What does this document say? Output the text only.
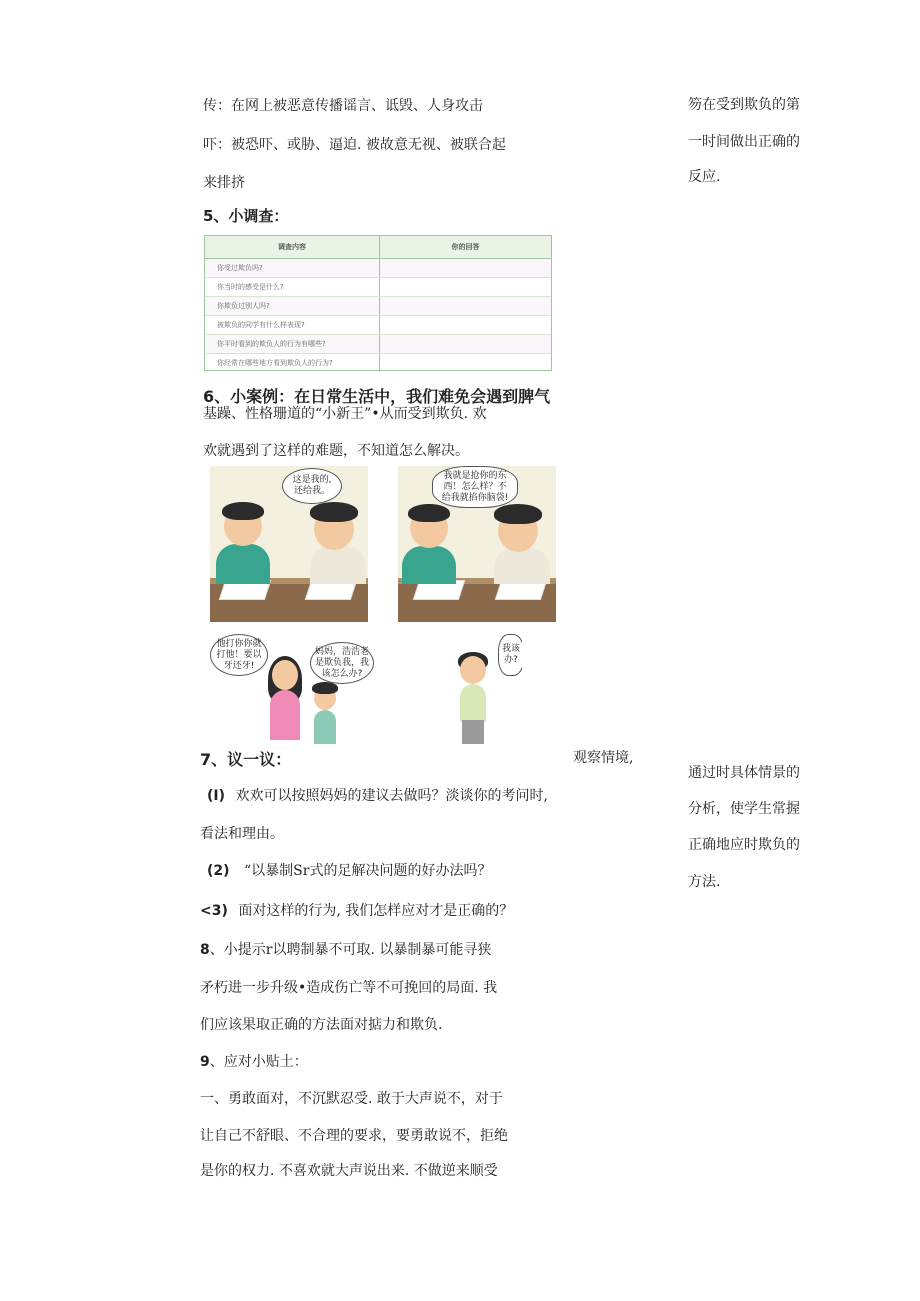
传：在网上被恶意传播谣言、诋毁、人身攻击
吓：被恐吓、或胁、逼迫. 被故意无视、被联合起
来排挤
5、小调查：
调查内容	你的回答
你受过欺负吗?
你当时的感受是什么?
你欺负过别人吗?
被欺负的同学有什么样表现?
你平时看到的欺负人的行为有哪些?
你经常在哪些地方看到欺负人的行为?
6、小案例：在日常生活中，我们难免会遇到脾气
基躁、性格珊道的“小新王”•从而受到欺负. 欢
欢就遇到了这样的难题，不知道怎么解决。
这是我的,
还给我。
我就是抢你的东
西！怎么样？不
给我就掐你脑袋!
他打你你就
打他！要以
牙还牙!
妈妈，浩浩老
是欺负我，我
该怎么办?
我该
办?
7、议一议：	观察情境,
(I) 欢欢可以按照妈妈的建议去做吗？淡谈你的考问时,
看法和理由。
(2) “以暴制Sr式的足解决问题的好办法吗？
<3) 面对这样的行为, 我们怎样应对才是正确的？
8、小提示r以聘制暴不可取. 以暴制暴可能寻狭
矛朽进一步升级•造成伤亡等不可挽回的局面. 我
们应该果取正确的方法面对掂力和欺负.
9、应对小贴土：
一、勇敢面对，不沉默忍受. 敢于大声说不，对于
让自己不舒眼、不合理的要求，要勇敢说不，拒绝
是你的权力. 不喜欢就大声说出来. 不做逆来顺受
笏在受到欺负的第
一时间做出正确的
反应.
通过时具体情景的
分析，使学生常握
正确地应时欺负的
方法.
